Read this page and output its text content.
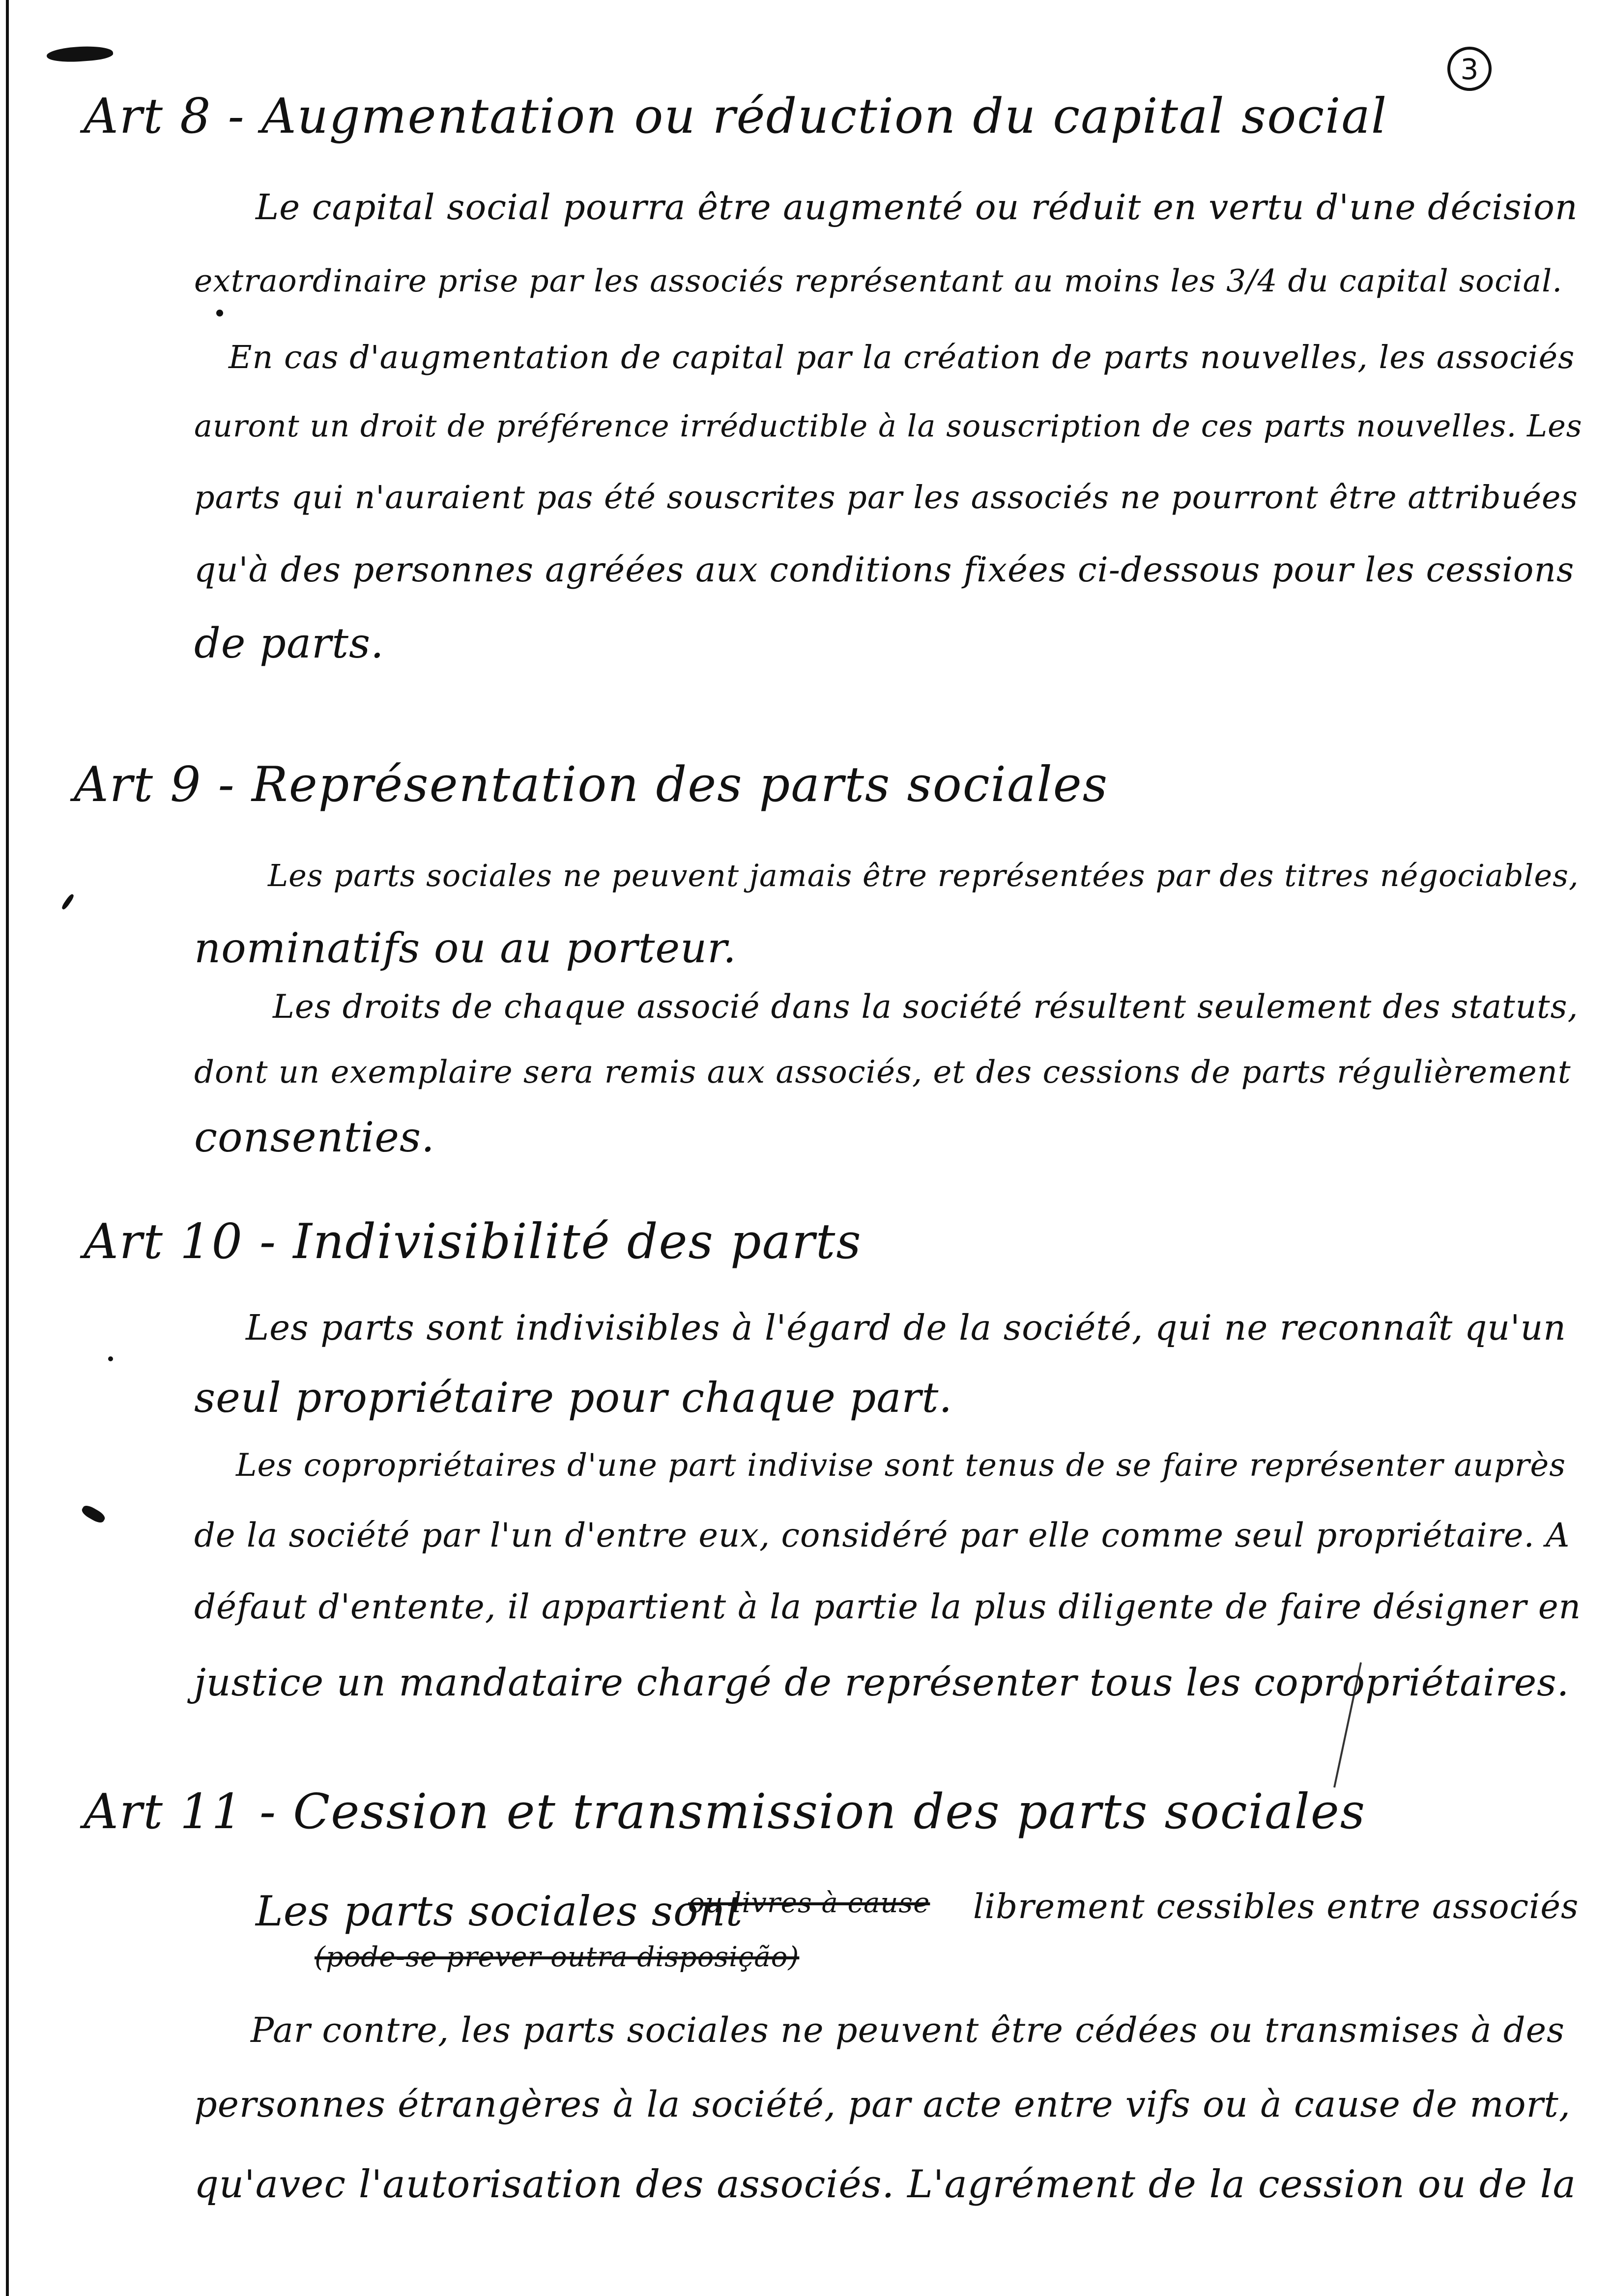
3
Art 8 - Augmentation ou réduction du capital social
Le capital social pourra être augmenté ou réduit en vertu d'une décision
extraordinaire prise par les associés représentant au moins les 3/4 du capital social.
En cas d'augmentation de capital par la création de parts nouvelles, les associés
auront un droit de préférence irréductible à la souscription de ces parts nouvelles. Les
parts qui n'auraient pas été souscrites par les associés ne pourront être attribuées
qu'à des personnes agréées aux conditions fixées ci-dessous pour les cessions
de parts.
Art 9 - Représentation des parts sociales
Les parts sociales ne peuvent jamais être représentées par des titres négociables,
nominatifs ou au porteur.
Les droits de chaque associé dans la société résultent seulement des statuts,
dont un exemplaire sera remis aux associés, et des cessions de parts régulièrement
consenties.
Art 10 - Indivisibilité des parts
Les parts sont indivisibles à l'égard de la société, qui ne reconnaît qu'un
seul propriétaire pour chaque part.
Les copropriétaires d'une part indivise sont tenus de se faire représenter auprès
de la société par l'un d'entre eux, considéré par elle comme seul propriétaire. A
défaut d'entente, il appartient à la partie la plus diligente de faire désigner en
justice un mandataire chargé de représenter tous les copropriétaires.
Art 11 - Cession et transmission des parts sociales
Les parts sociales sont
ou livres à cause librement cessibles entre associés
(pode-se prever outra disposição)
Par contre, les parts sociales ne peuvent être cédées ou transmises à des
personnes étrangères à la société, par acte entre vifs ou à cause de mort,
qu'avec l'autorisation des associés. L'agrément de la cession ou de la
